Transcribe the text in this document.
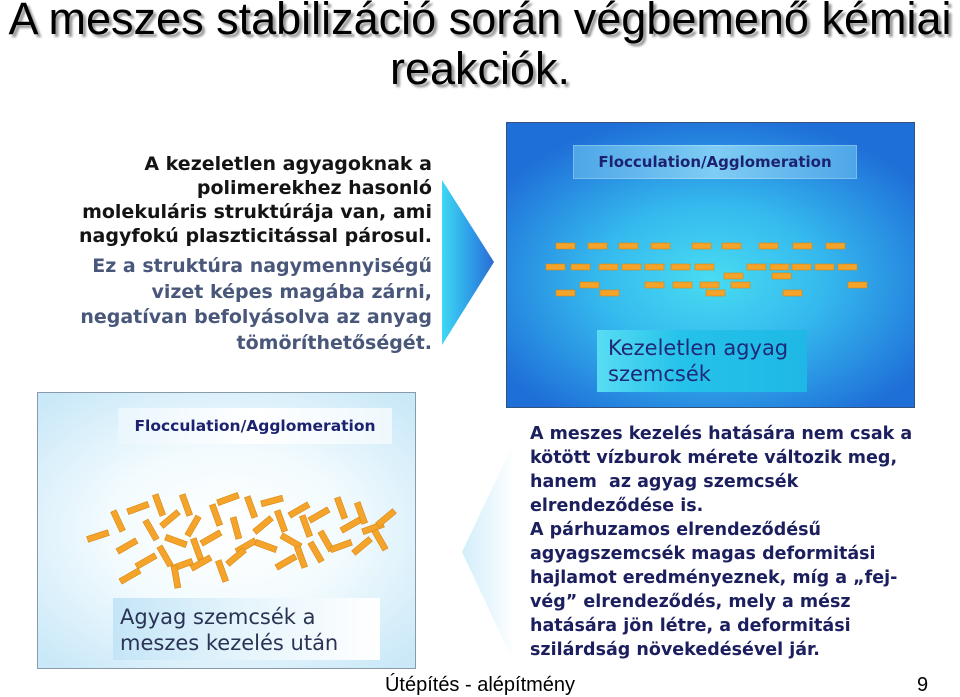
A meszes stabilizáció során végbemenő kémiai
reakciók.
A kezeletlen agyagoknak a
polimerekhez hasonló
molekuláris struktúrája van, ami
nagyfokú plaszticitással párosul.
Ez a struktúra nagymennyiségű
vizet képes magába zárni,
negatívan befolyásolva az anyag
tömöríthetőségét.
Flocculation/Agglomeration
Kezeletlen agyag
szemcsék
Flocculation/Agglomeration
Agyag szemcsék a
meszes kezelés után
A meszes kezelés hatására nem csak a
kötött vízburok mérete változik meg,
hanem  az agyag szemcsék
elrendeződése is.
A párhuzamos elrendeződésű
agyagszemcsék magas deformitási
hajlamot eredményeznek, míg a „fej-
vég” elrendeződés, mely a mész
hatására jön létre, a deformitási
szilárdság növekedésével jár.
Útépítés - alépítmény	9
